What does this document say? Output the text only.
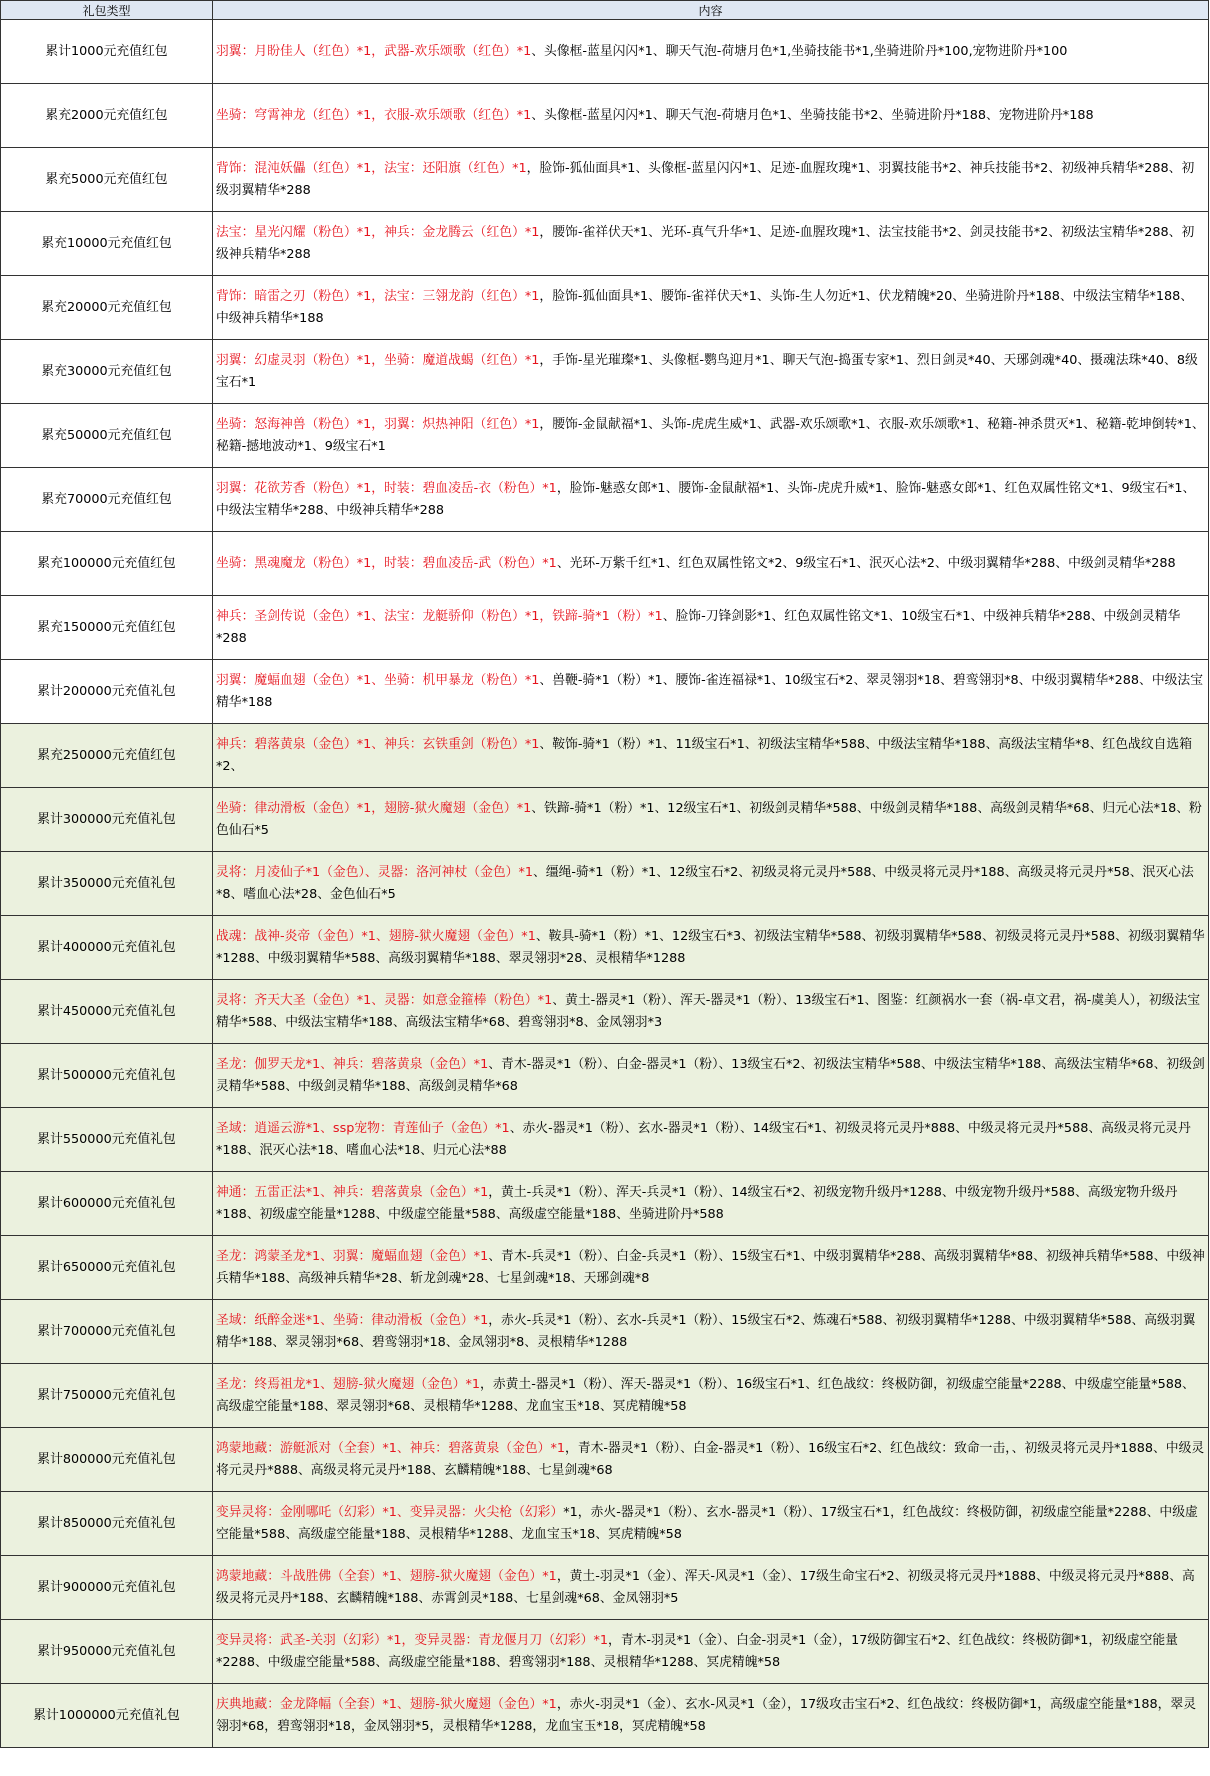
礼包类型	内容
累计1000元充值红包	羽翼：月盼佳人（红色）*1，武器-欢乐颂歌（红色）*1、头像框-蓝星闪闪*1、聊天气泡-荷塘月色*1,坐骑技能书*1,坐骑进阶丹*100,宠物进阶丹*100
累充2000元充值红包	坐骑：穹霄神龙（红色）*1，衣服-欢乐颂歌（红色）*1、头像框-蓝星闪闪*1、聊天气泡-荷塘月色*1、坐骑技能书*2、坐骑进阶丹*188、宠物进阶丹*188
累充5000元充值红包	背饰：混沌妖儡（红色）*1，法宝：还阳旗（红色）*1，脸饰-狐仙面具*1、头像框-蓝星闪闪*1、足迹-血腥玫瑰*1、羽翼技能书*2、神兵技能书*2、初级神兵精华*288、初级羽翼精华*288
累充10000元充值红包	法宝：星光闪耀（粉色）*1，神兵：金龙腾云（红色）*1，腰饰-雀祥伏天*1、光环-真气升华*1、足迹-血腥玫瑰*1、法宝技能书*2、剑灵技能书*2、初级法宝精华*288、初级神兵精华*288
累充20000元充值红包	背饰：暗雷之刃（粉色）*1，法宝：三翎龙韵（红色）*1，脸饰-狐仙面具*1、腰饰-雀祥伏天*1、头饰-生人勿近*1、伏龙精魄*20、坐骑进阶丹*188、中级法宝精华*188、中级神兵精华*188
累充30000元充值红包	羽翼：幻虚灵羽（粉色）*1，坐骑：魔道战蝎（红色）*1，手饰-星光璀璨*1、头像框-鹦鸟迎月*1、聊天气泡-捣蛋专家*1、烈日剑灵*40、天琊剑魂*40、摄魂法珠*40、8级宝石*1
累充50000元充值红包	坐骑：怒海神兽（粉色）*1，羽翼：炽热神阳（红色）*1，腰饰-金鼠献福*1、头饰-虎虎生威*1、武器-欢乐颂歌*1、衣服-欢乐颂歌*1、秘籍-神杀贯灭*1、秘籍-乾坤倒转*1、秘籍-撼地波动*1、9级宝石*1
累充70000元充值红包	羽翼：花欲芳香（粉色）*1，时装：碧血凌岳-衣（粉色）*1，脸饰-魅惑女郎*1、腰饰-金鼠献福*1、头饰-虎虎升威*1、脸饰-魅惑女郎*1、红色双属性铭文*1、9级宝石*1、中级法宝精华*288、中级神兵精华*288
累充100000元充值红包	坐骑：黑魂魔龙（粉色）*1，时装：碧血凌岳-武（粉色）*1、光环-万紫千红*1、红色双属性铭文*2、9级宝石*1、泯灭心法*2、中级羽翼精华*288、中级剑灵精华*288
累充150000元充值红包	神兵：圣剑传说（金色）*1、法宝：龙艇骄仰（粉色）*1，铁蹄-骑*1（粉）*1、脸饰-刀锋剑影*1、红色双属性铭文*1、10级宝石*1、中级神兵精华*288、中级剑灵精华*288
累计200000元充值礼包	羽翼：魔蝠血翅（金色）*1、坐骑：机甲暴龙（粉色）*1、兽鞭-骑*1（粉）*1、腰饰-雀连福禄*1、10级宝石*2、翠灵翎羽*18、碧鸾翎羽*8、中级羽翼精华*288、中级法宝精华*188
累充250000元充值红包	神兵：碧落黄泉（金色）*1、神兵：玄铁重剑（粉色）*1、鞍饰-骑*1（粉）*1、11级宝石*1、初级法宝精华*588、中级法宝精华*188、高级法宝精华*8、红色战纹自选箱*2、
累计300000元充值礼包	坐骑：律动滑板（金色）*1，翅膀-狱火魔翅（金色）*1、铁蹄-骑*1（粉）*1、12级宝石*1、初级剑灵精华*588、中级剑灵精华*188、高级剑灵精华*68、归元心法*18、粉色仙石*5
累计350000元充值礼包	灵将：月凌仙子*1（金色）、灵器：洛河神杖（金色）*1、缰绳-骑*1（粉）*1、12级宝石*2、初级灵将元灵丹*588、中级灵将元灵丹*188、高级灵将元灵丹*58、泯灭心法*8、嗜血心法*28、金色仙石*5
累计400000元充值礼包	战魂：战神-炎帝（金色）*1、翅膀-狱火魔翅（金色）*1、鞍具-骑*1（粉）*1、12级宝石*3、初级法宝精华*588、初级羽翼精华*588、初级灵将元灵丹*588、初级羽翼精华*1288、中级羽翼精华*588、高级羽翼精华*188、翠灵翎羽*28、灵根精华*1288
累计450000元充值礼包	灵将：齐天大圣（金色）*1、灵器：如意金箍棒（粉色）*1、黄土-器灵*1（粉）、浑天-器灵*1（粉）、13级宝石*1、图鉴：红颜祸水一套（祸-卓文君，祸-虞美人），初级法宝精华*588、中级法宝精华*188、高级法宝精华*68、碧鸾翎羽*8、金凤翎羽*3
累计500000元充值礼包	圣龙：伽罗天龙*1、神兵：碧落黄泉（金色）*1、青木-器灵*1（粉）、白金-器灵*1（粉）、13级宝石*2、初级法宝精华*588、中级法宝精华*188、高级法宝精华*68、初级剑灵精华*588、中级剑灵精华*188、高级剑灵精华*68
累计550000元充值礼包	圣域：逍遥云游*1、ssp宠物：青莲仙子（金色）*1、赤火-器灵*1（粉）、玄水-器灵*1（粉）、14级宝石*1、初级灵将元灵丹*888、中级灵将元灵丹*588、高级灵将元灵丹*188、泯灭心法*18、嗜血心法*18、归元心法*88
累计600000元充值礼包	神通：五雷正法*1、神兵：碧落黄泉（金色）*1，黄土-兵灵*1（粉）、浑天-兵灵*1（粉）、14级宝石*2、初级宠物升级丹*1288、中级宠物升级丹*588、高级宠物升级丹*188、初级虚空能量*1288、中级虚空能量*588、高级虚空能量*188、坐骑进阶丹*588
累计650000元充值礼包	圣龙：鸿蒙圣龙*1、羽翼：魔蝠血翅（金色）*1、青木-兵灵*1（粉）、白金-兵灵*1（粉）、15级宝石*1、中级羽翼精华*288、高级羽翼精华*88、初级神兵精华*588、中级神兵精华*188、高级神兵精华*28、斩龙剑魂*28、七星剑魂*18、天琊剑魂*8
累计700000元充值礼包	圣域：纸醉金迷*1、坐骑：律动滑板（金色）*1，赤火-兵灵*1（粉）、玄水-兵灵*1（粉）、15级宝石*2、炼魂石*588、初级羽翼精华*1288、中级羽翼精华*588、高级羽翼精华*188、翠灵翎羽*68、碧鸾翎羽*18、金凤翎羽*8、灵根精华*1288
累计750000元充值礼包	圣龙：终焉祖龙*1、翅膀-狱火魔翅（金色）*1，赤黄土-器灵*1（粉）、浑天-器灵*1（粉）、16级宝石*1、红色战纹：终极防御，初级虚空能量*2288、中级虚空能量*588、高级虚空能量*188、翠灵翎羽*68、灵根精华*1288、龙血宝玉*18、冥虎精魄*58
累计800000元充值礼包	鸿蒙地藏：游艇派对（全套）*1、神兵：碧落黄泉（金色）*1，青木-器灵*1（粉）、白金-器灵*1（粉）、16级宝石*2、红色战纹：致命一击，、初级灵将元灵丹*1888、中级灵将元灵丹*888、高级灵将元灵丹*188、玄麟精魄*188、七星剑魂*68
累计850000元充值礼包	变异灵将：金刚哪吒（幻彩）*1、变异灵器：火尖枪（幻彩）*1，赤火-器灵*1（粉）、玄水-器灵*1（粉）、17级宝石*1，红色战纹：终极防御，初级虚空能量*2288、中级虚空能量*588、高级虚空能量*188、灵根精华*1288、龙血宝玉*18、冥虎精魄*58
累计900000元充值礼包	鸿蒙地藏：斗战胜佛（全套）*1、翅膀-狱火魔翅（金色）*1，黄土-羽灵*1（金）、浑天-风灵*1（金）、17级生命宝石*2、初级灵将元灵丹*1888、中级灵将元灵丹*888、高级灵将元灵丹*188、玄麟精魄*188、赤霄剑灵*188、七星剑魂*68、金凤翎羽*5
累计950000元充值礼包	变异灵将：武圣-关羽（幻彩）*1，变异灵器：青龙偃月刀（幻彩）*1，青木-羽灵*1（金）、白金-羽灵*1（金），17级防御宝石*2、红色战纹：终极防御*1，初级虚空能量*2288、中级虚空能量*588、高级虚空能量*188、碧鸾翎羽*188、灵根精华*1288、冥虎精魄*58
累计1000000元充值礼包	庆典地藏：金龙降幅（全套）*1、翅膀-狱火魔翅（金色）*1，赤火-羽灵*1（金）、玄水-风灵*1（金），17级攻击宝石*2、红色战纹：终极防御*1，高级虚空能量*188，翠灵翎羽*68，碧鸾翎羽*18，金凤翎羽*5，灵根精华*1288，龙血宝玉*18，冥虎精魄*58
